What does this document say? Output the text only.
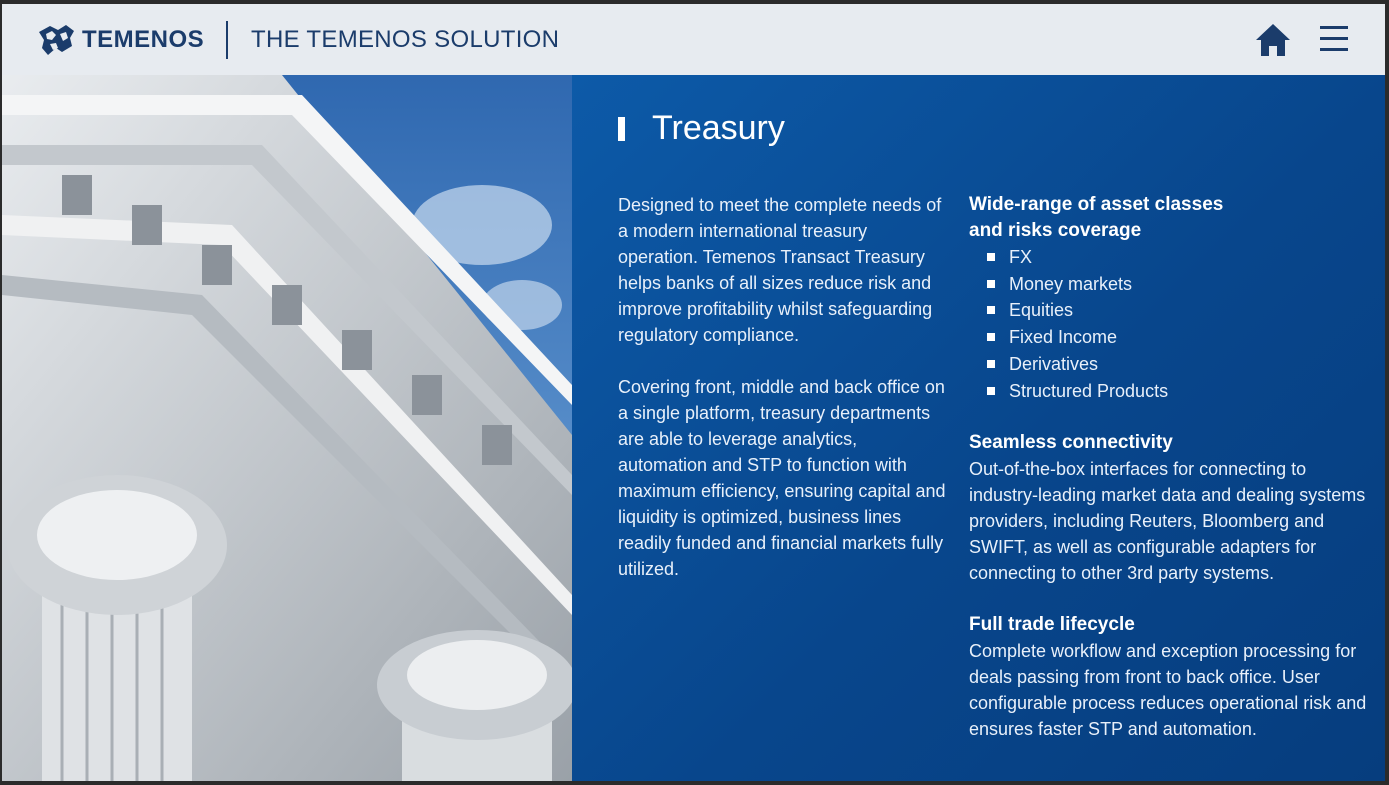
TEMENOS THE TEMENOS SOLUTION
Treasury

Designed to meet the complete needs of a modern international treasury operation. Temenos Transact Treasury helps banks of all sizes reduce risk and improve profitability whilst safeguarding regulatory compliance.

Covering front, middle and back office on a single platform, treasury departments are able to leverage analytics, automation and STP to function with maximum efficiency, ensuring capital and liquidity is optimized, business lines readily funded and financial markets fully utilized.

Wide-range of asset classes
and risks coverage
FX
Money markets
Equities
Fixed Income
Derivatives
Structured Products
Seamless connectivity
Out-of-the-box interfaces for connecting to industry-leading market data and dealing systems providers, including Reuters, Bloomberg and SWIFT, as well as configurable adapters for connecting to other 3rd party systems.
Full trade lifecycle
Complete workflow and exception processing for deals passing from front to back office. User configurable process reduces operational risk and ensures faster STP and automation.
